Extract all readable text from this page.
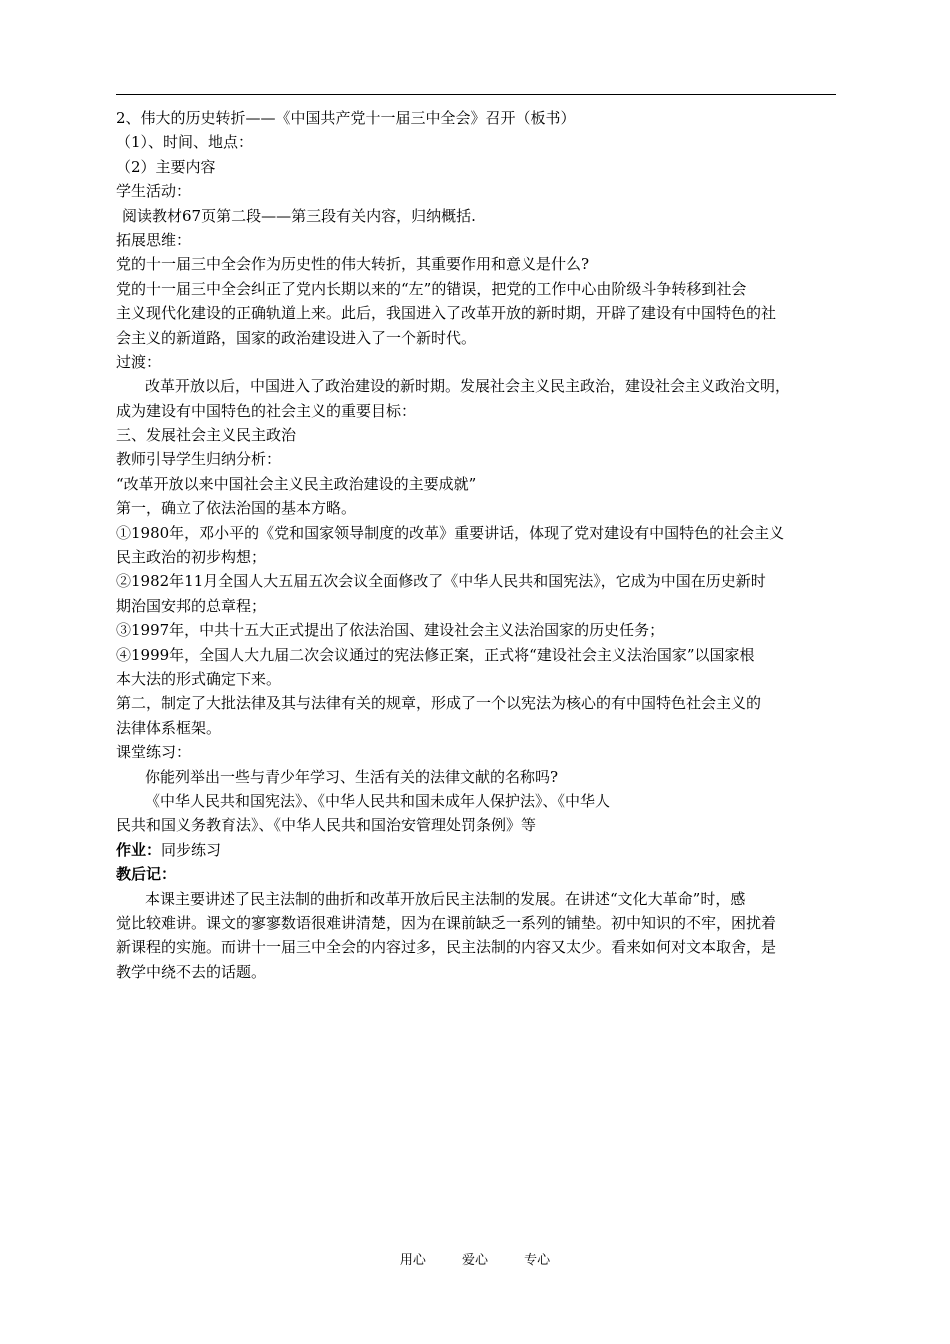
2、伟大的历史转折——《中国共产党十一届三中全会》召开（板书）
（1）、时间、地点：
（2）主要内容
学生活动：
阅读教材67页第二段——第三段有关内容，归纳概括.
拓展思维：
党的十一届三中全会作为历史性的伟大转折，其重要作用和意义是什么?
党的十一届三中全会纠正了党内长期以来的“左”的错误，把党的工作中心由阶级斗争转移到社会
主义现代化建设的正确轨道上来。此后，我国进入了改革开放的新时期，开辟了建设有中国特色的社
会主义的新道路，国家的政治建设进入了一个新时代。
过渡：
改革开放以后，中国进入了政治建设的新时期。发展社会主义民主政治，建设社会主义政治文明，
成为建设有中国特色的社会主义的重要目标：
三、发展社会主义民主政治
教师引导学生归纳分析：
“改革开放以来中国社会主义民主政治建设的主要成就”
第一，确立了依法治国的基本方略。
①1980年，邓小平的《党和国家领导制度的改革》重要讲话，体现了党对建设有中国特色的社会主义
民主政治的初步构想；
②1982年11月全国人大五届五次会议全面修改了《中华人民共和国宪法》，它成为中国在历史新时
期治国安邦的总章程；
③1997年，中共十五大正式提出了依法治国、建设社会主义法治国家的历史任务；
④1999年，全国人大九届二次会议通过的宪法修正案，正式将“建设社会主义法治国家”以国家根
本大法的形式确定下来。
第二，制定了大批法律及其与法律有关的规章，形成了一个以宪法为核心的有中国特色社会主义的
法律体系框架。
课堂练习：
你能列举出一些与青少年学习、生活有关的法律文献的名称吗?
《中华人民共和国宪法》、《中华人民共和国未成年人保护法》、《中华人
民共和国义务教育法》、《中华人民共和国治安管理处罚条例》等
作业：同步练习
教后记：
本课主要讲述了民主法制的曲折和改革开放后民主法制的发展。在讲述“文化大革命”时，感
觉比较难讲。课文的寥寥数语很难讲清楚，因为在课前缺乏一系列的铺垫。初中知识的不牢，困扰着
新课程的实施。而讲十一届三中全会的内容过多，民主法制的内容又太少。看来如何对文本取舍，是
教学中绕不去的话题。
用心	爱心	专心
